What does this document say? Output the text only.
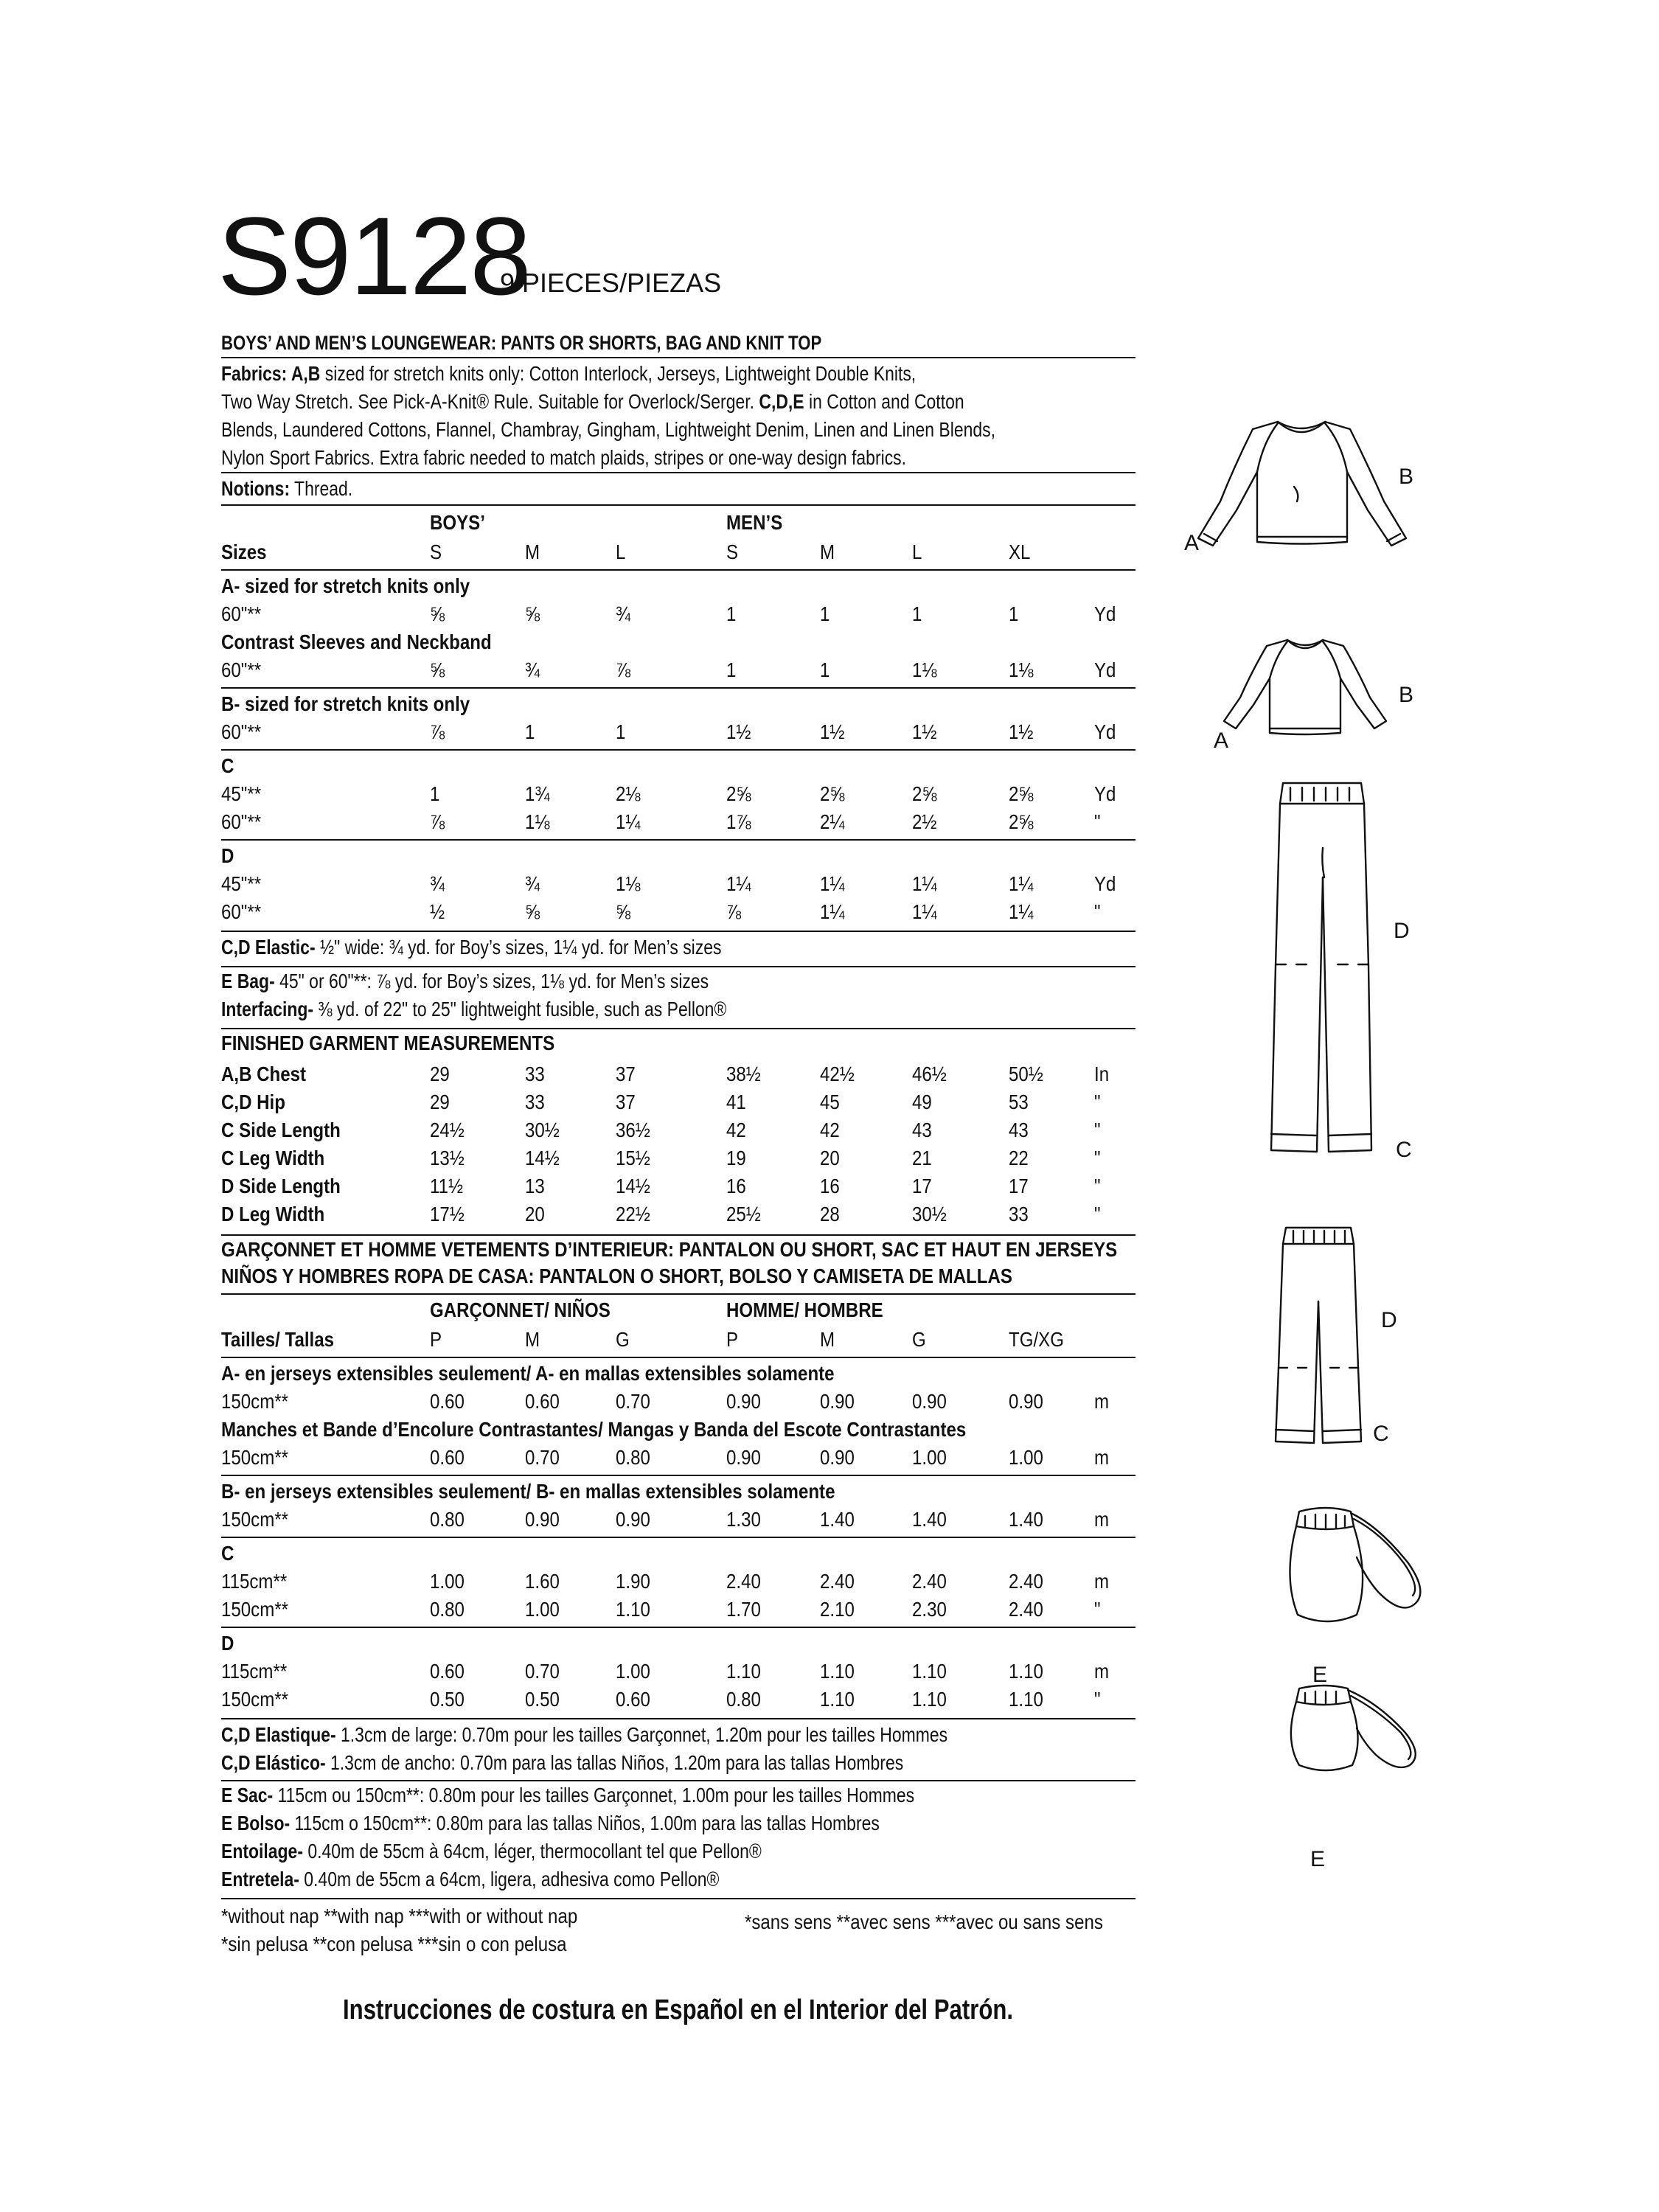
S9128
9 PIECES/PIEZAS
BOYS’ AND MEN’S LOUNGEWEAR: PANTS OR SHORTS, BAG AND KNIT TOP
Fabrics: A,B sized for stretch knits only: Cotton Interlock, Jerseys, Lightweight Double Knits,
Two Way Stretch. See Pick-A-Knit® Rule. Suitable for Overlock/Serger. C,D,E in Cotton and Cotton
Blends, Laundered Cottons, Flannel, Chambray, Gingham, Lightweight Denim, Linen and Linen Blends,
Nylon Sport Fabrics. Extra fabric needed to match plaids, stripes or one-way design fabrics.
Notions: Thread.
BOYS’	MEN’S
Sizes	S	M	L	S	M	L	XL
A- sized for stretch knits only
60"**	⅝	⅝	¾	1	1	1	1	Yd
Contrast Sleeves and Neckband
60"**	⅝	¾	⅞	1	1	1⅛	1⅛	Yd
B- sized for stretch knits only
60"**	⅞	1	1	1½	1½	1½	1½	Yd
C
45"**	1	1¾	2⅛	2⅝	2⅝	2⅝	2⅝	Yd
60"**	⅞	1⅛	1¼	1⅞	2¼	2½	2⅝	"
D
45"**	¾	¾	1⅛	1¼	1¼	1¼	1¼	Yd
60"**	½	⅝	⅝	⅞	1¼	1¼	1¼	"
C,D Elastic- ½" wide: ¾ yd. for Boy’s sizes, 1¼ yd. for Men’s sizes
E Bag- 45" or 60"**: ⅞ yd. for Boy’s sizes, 1⅛ yd. for Men’s sizes
Interfacing- ⅜ yd. of 22" to 25" lightweight fusible, such as Pellon®
FINISHED GARMENT MEASUREMENTS
A,B Chest	29	33	37	38½	42½	46½	50½ In
C,D Hip	29	33	37	41	45	49	53	"
C Side Length	24½	30½	36½	42	42	43	43	"
C Leg Width	13½	14½	15½	19	20	21	22	"
D Side Length	11½	13	14½	16	16	17	17	"
D Leg Width	17½	20	22½	25½	28	30½	33	"
GARÇONNET ET HOMME VETEMENTS D’INTERIEUR: PANTALON OU SHORT, SAC ET HAUT EN JERSEYS
NIÑOS Y HOMBRES ROPA DE CASA: PANTALON O SHORT, BOLSO Y CAMISETA DE MALLAS
GARÇONNET/ NIÑOS	HOMME/ HOMBRE
Tailles/ Tallas	P	M	G	P	M	G	TG/XG
A- en jerseys extensibles seulement/ A- en mallas extensibles solamente
150cm**	0.60	0.60	0.70	0.90	0.90	0.90	0.90 m
Manches et Bande d’Encolure Contrastantes/ Mangas y Banda del Escote Contrastantes
150cm**	0.60	0.70	0.80	0.90	0.90	1.00	1.00 m
B- en jerseys extensibles seulement/ B- en mallas extensibles solamente
150cm**	0.80	0.90	0.90	1.30	1.40	1.40	1.40 m
C
115cm**	1.00	1.60	1.90	2.40	2.40	2.40	2.40 m
150cm**	0.80	1.00	1.10	1.70	2.10	2.30	2.40 "
D
115cm**	0.60	0.70	1.00	1.10	1.10	1.10	1.10 m
150cm**	0.50	0.50	0.60	0.80	1.10	1.10	1.10 "
C,D Elastique- 1.3cm de large: 0.70m pour les tailles Garçonnet, 1.20m pour les tailles Hommes
C,D Elástico- 1.3cm de ancho: 0.70m para las tallas Niños, 1.20m para las tallas Hombres
E Sac- 115cm ou 150cm**: 0.80m pour les tailles Garçonnet, 1.00m pour les tailles Hommes
E Bolso- 115cm o 150cm**: 0.80m para las tallas Niños, 1.00m para las tallas Hombres
Entoilage- 0.40m de 55cm à 64cm, léger, thermocollant tel que Pellon®
Entretela- 0.40m de 55cm a 64cm, ligera, adhesiva como Pellon®
*without nap **with nap ***with or without nap	*sans sens **avec sens ***avec ou sans sens
*sin pelusa **con pelusa ***sin o con pelusa
Instrucciones de costura en Español en el Interior del Patrón.
B
A
B
A
D
C
D
C
E
E
